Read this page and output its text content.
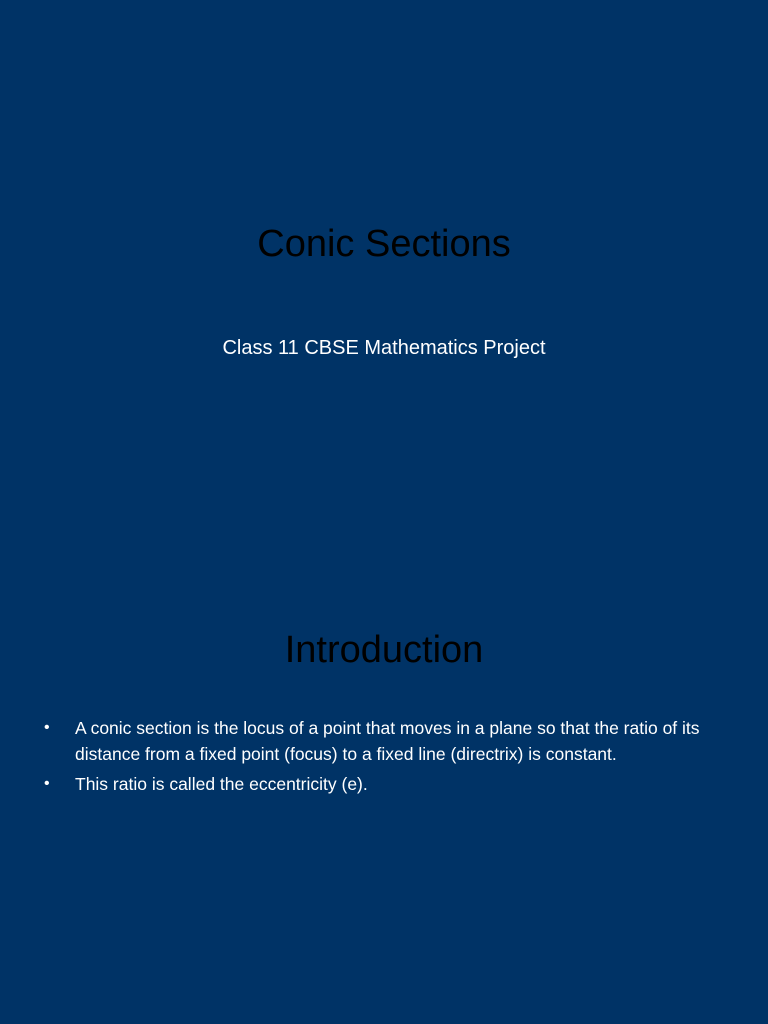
Conic Sections
Class 11 CBSE Mathematics Project
Introduction
• A conic section is the locus of a point that moves in a plane so that the ratio of its distance from a fixed point (focus) to a fixed line (directrix) is constant.
• This ratio is called the eccentricity (e).
